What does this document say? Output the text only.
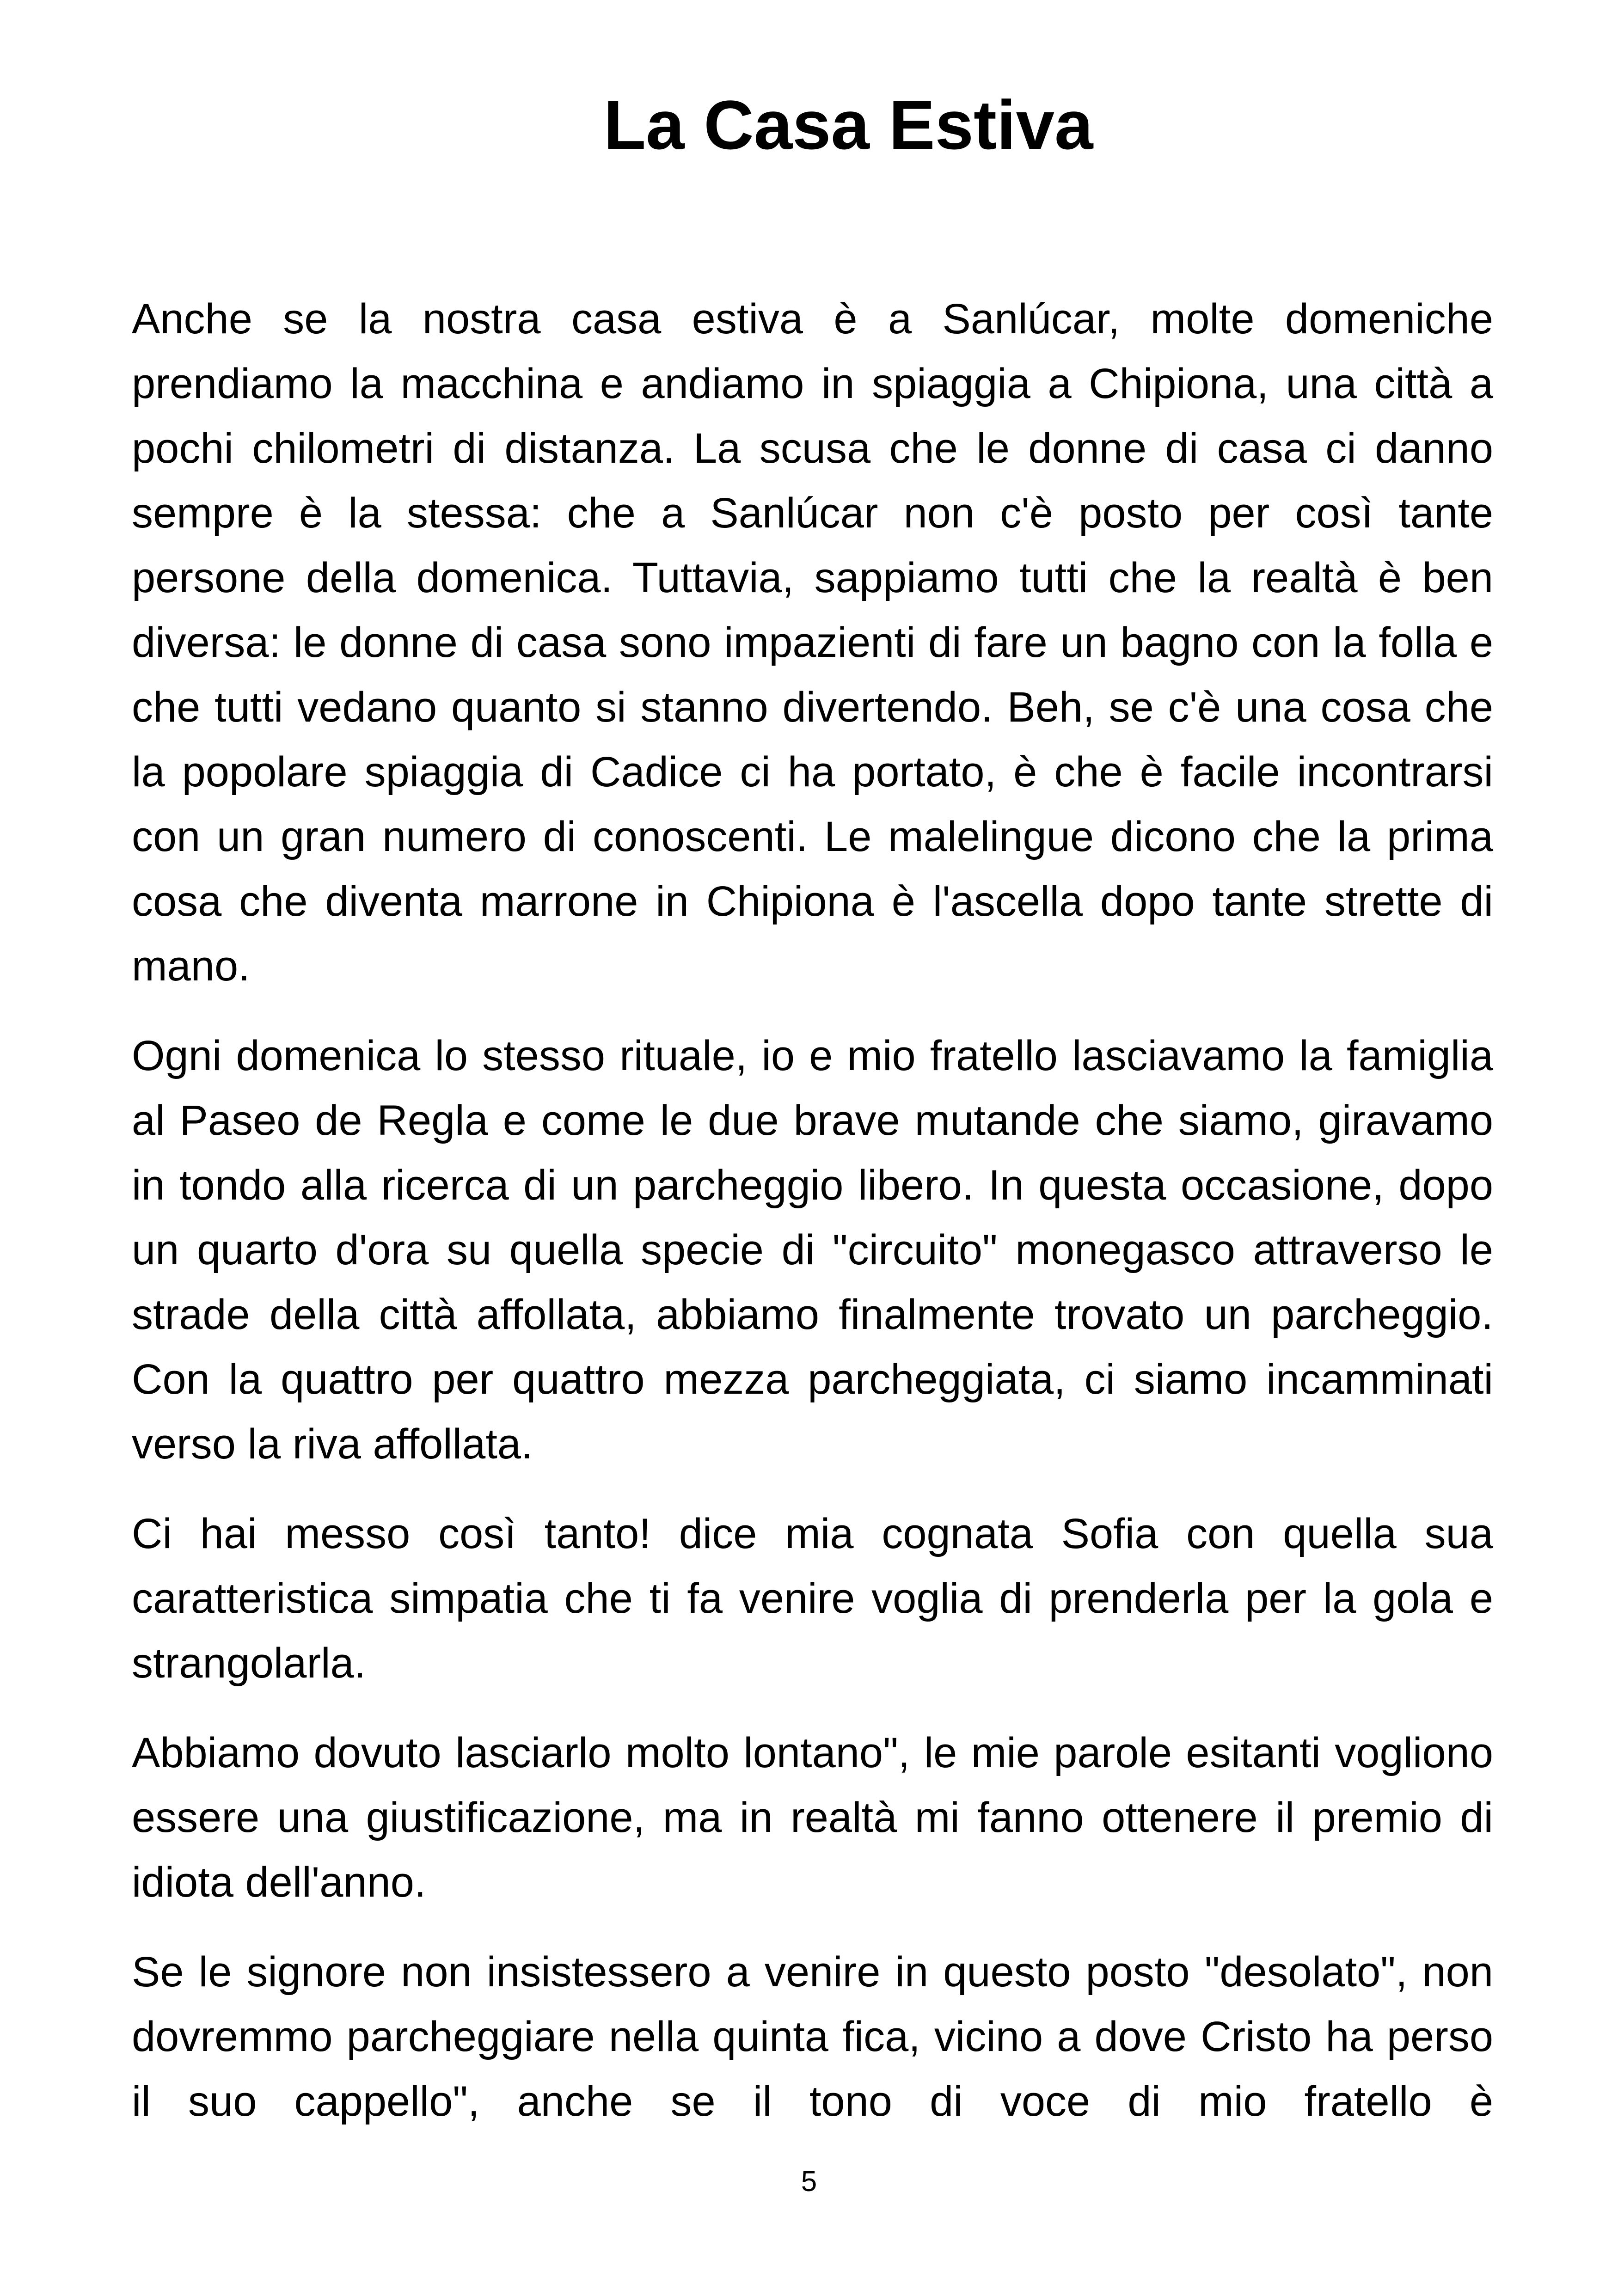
La Casa Estiva

Anche se la nostra casa estiva è a Sanlúcar, molte domeniche prendiamo la macchina e andiamo in spiaggia a Chipiona, una città a pochi chilometri di distanza. La scusa che le donne di casa ci danno sempre è la stessa: che a Sanlúcar non c'è posto per così tante persone della domenica. Tuttavia, sappiamo tutti che la realtà è ben diversa: le donne di casa sono impazienti di fare un bagno con la folla e che tutti vedano quanto si stanno divertendo. Beh, se c'è una cosa che la popolare spiaggia di Cadice ci ha portato, è che è facile incontrarsi con un gran numero di conoscenti. Le malelingue dicono che la prima cosa che diventa marrone in Chipiona è l'ascella dopo tante strette di mano.

Ogni domenica lo stesso rituale, io e mio fratello lasciavamo la famiglia al Paseo de Regla e come le due brave mutande che siamo, giravamo in tondo alla ricerca di un parcheggio libero. In questa occasione, dopo un quarto d'ora su quella specie di "circuito" monegasco attraverso le strade della città affollata, abbiamo finalmente trovato un parcheggio. Con la quattro per quattro mezza parcheggiata, ci siamo incamminati verso la riva affollata.

Ci hai messo così tanto! dice mia cognata Sofia con quella sua caratteristica simpatia che ti fa venire voglia di prenderla per la gola e strangolarla.

Abbiamo dovuto lasciarlo molto lontano", le mie parole esitanti vogliono essere una giustificazione, ma in realtà mi fanno ottenere il premio di idiota dell'anno.

Se le signore non insistessero a venire in questo posto "desolato", non dovremmo parcheggiare nella quinta fica, vicino a dove Cristo ha perso il suo cappello", anche se il tono di voce di mio fratello è

5
